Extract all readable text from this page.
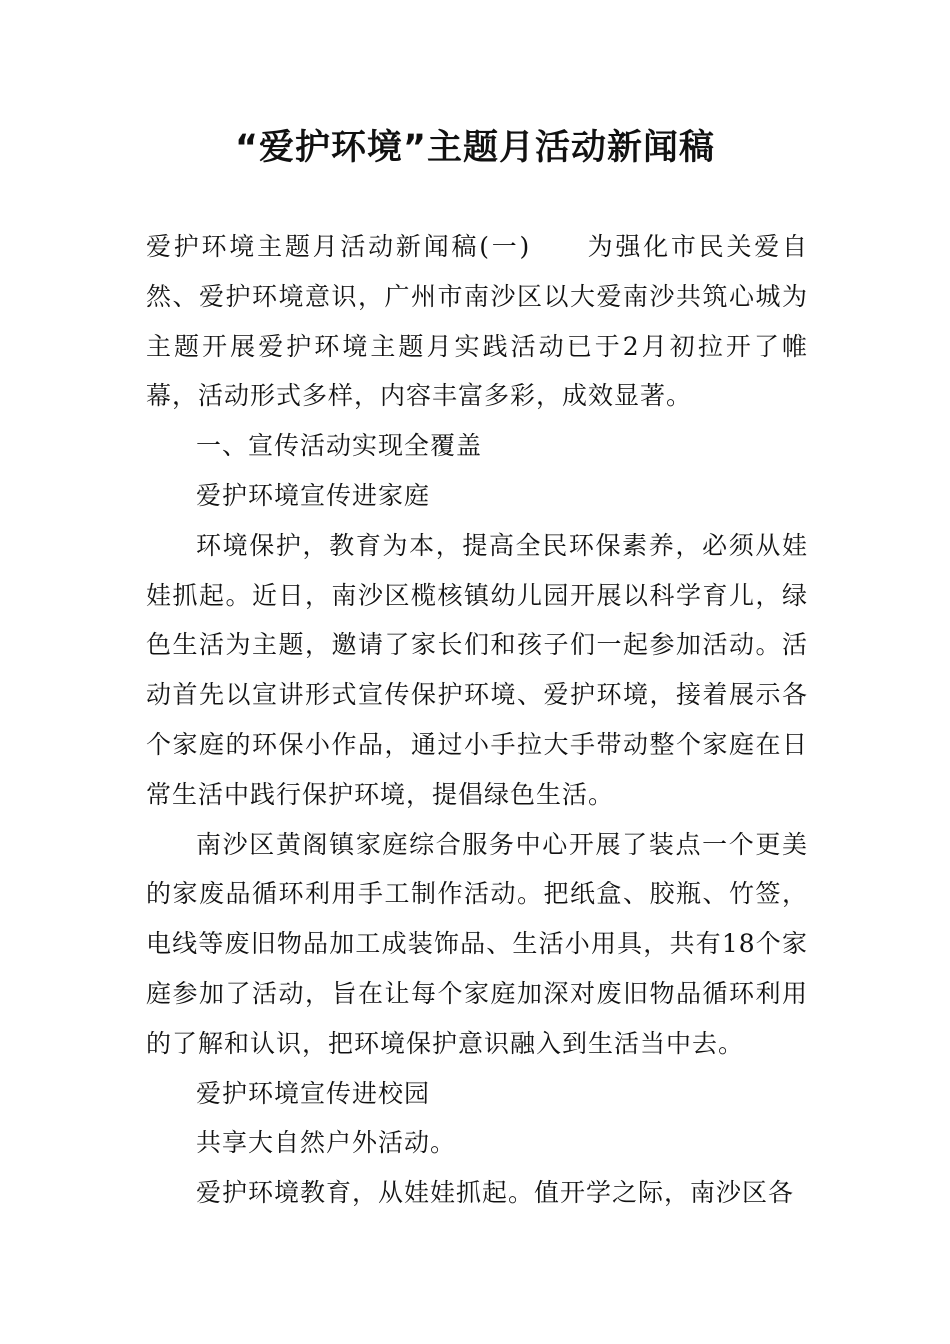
“爱护环境”主题月活动新闻稿

爱护环境主题月活动新闻稿(一)　　为强化市民关爱自然、爱护环境意识，广州市南沙区以大爱南沙共筑心城为主题开展爱护环境主题月实践活动已于2月初拉开了帷幕，活动形式多样，内容丰富多彩，成效显著。

一、宣传活动实现全覆盖

爱护环境宣传进家庭

环境保护，教育为本，提高全民环保素养，必须从娃娃抓起。近日，南沙区榄核镇幼儿园开展以科学育儿，绿色生活为主题，邀请了家长们和孩子们一起参加活动。活动首先以宣讲形式宣传保护环境、爱护环境，接着展示各个家庭的环保小作品，通过小手拉大手带动整个家庭在日常生活中践行保护环境，提倡绿色生活。

南沙区黄阁镇家庭综合服务中心开展了装点一个更美的家废品循环利用手工制作活动。把纸盒、胶瓶、竹签，电线等废旧物品加工成装饰品、生活小用具，共有18个家庭参加了活动，旨在让每个家庭加深对废旧物品循环利用的了解和认识，把环境保护意识融入到生活当中去。

爱护环境宣传进校园

共享大自然户外活动。

爱护环境教育，从娃娃抓起。值开学之际，南沙区各
